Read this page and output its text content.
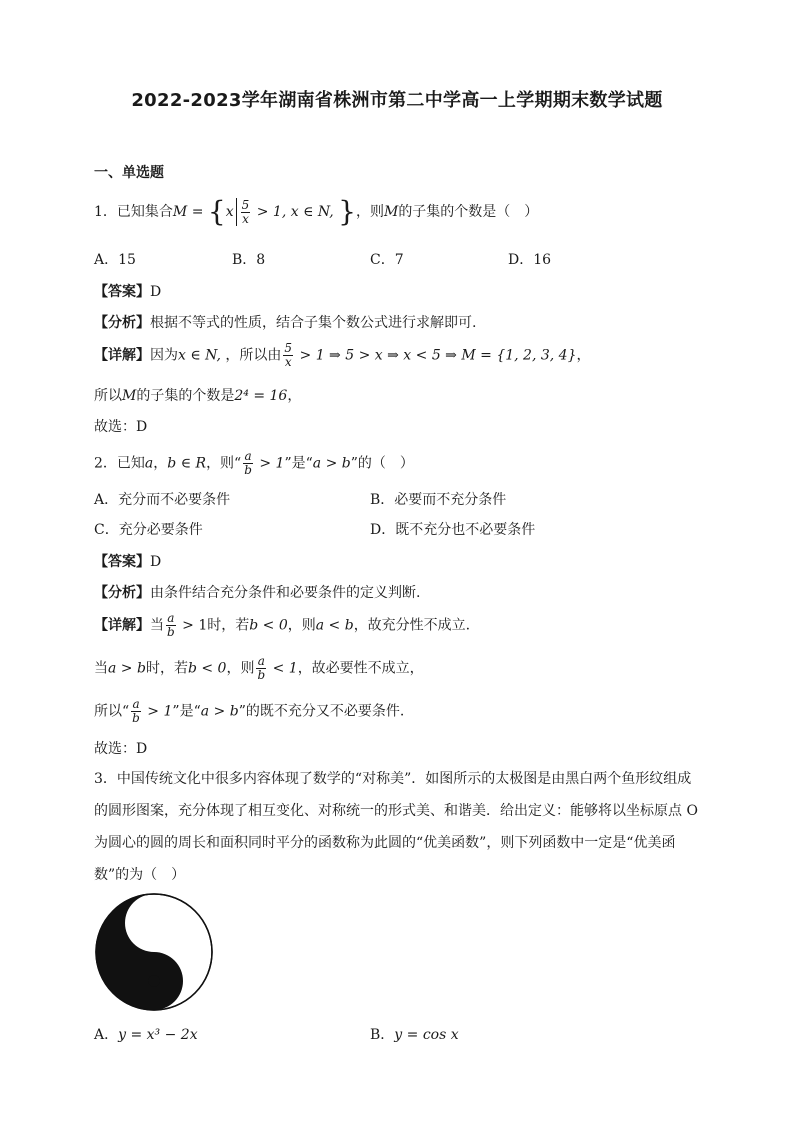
2022-2023学年湖南省株洲市第二中学高一上学期期末数学试题
一、单选题
1．已知集合$M = \{x \frac{5}{x} > 1$, x ∈ N, }，则M的子集的个数是（　）
A．15	B．8	C．7	D．16
【答案】D
【分析】根据不等式的性质，结合子集个数公式进行求解即可.
【详解】因为x ∈ N, ，所以由 $\frac{5}{x} > 1$ ⇒ 5 > x ⇒ x < 5 ⇒ M = {1, 2, 3, 4}，
所以M的子集的个数是2⁴ = 16，
故选：D
2．已知a，b ∈ R，则“ $\frac{a}{b} > 1$”是“a > b”的（　）
A．充分而不必要条件	B．必要而不充分条件
C．充分必要条件	D．既不充分也不必要条件
【答案】D
【分析】由条件结合充分条件和必要条件的定义判断.
【详解】当 $\frac{a}{b} > 1$时，若b < 0，则a < b，故充分性不成立.
当a > b时，若b < 0，则 $\frac{a}{b} < 1$，故必要性不成立，
所以“ $\frac{a}{b} > 1$”是“a > b”的既不充分又不必要条件.
故选：D
3．中国传统文化中很多内容体现了数学的“对称美”．如图所示的太极图是由黑白两个鱼形纹组成的圆形图案，充分体现了相互变化、对称统一的形式美、和谐美．给出定义：能够将以坐标原点 O为圆心的圆的周长和面积同时平分的函数称为此圆的“优美函数”，则下列函数中一定是“优美函数”的为（　）
A．y = x³ − 2x	B．y = cos x
